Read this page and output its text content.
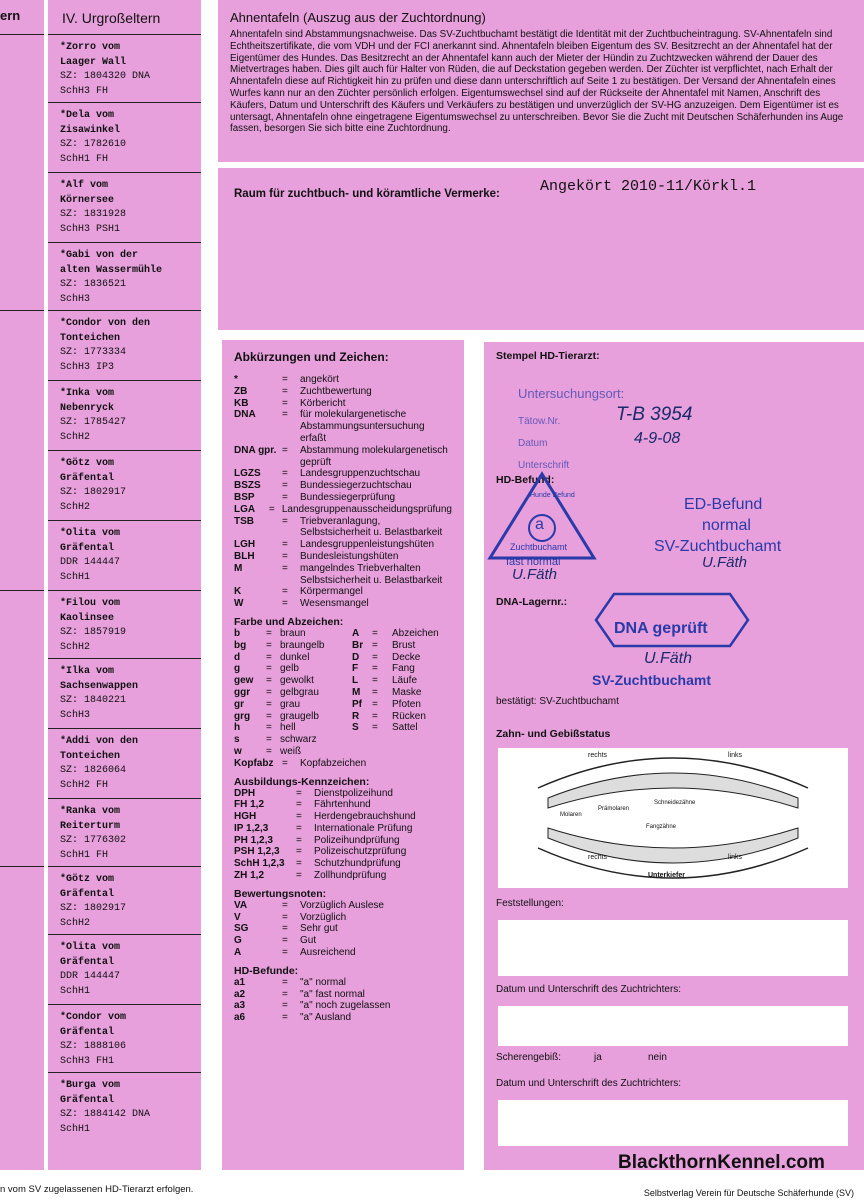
ern	IV. Urgroßeltern
*Zorro vom
Laager Wall
SZ: 1804320 DNA
SchH3 FH
*Dela vom
Zisawinkel
SZ: 1782610
SchH1 FH
*Alf vom
Körnersee
SZ: 1831928
SchH3 PSH1
*Gabi von der
alten Wassermühle
SZ: 1836521
SchH3
*Condor von den
Tonteichen
SZ: 1773334
SchH3 IP3
*Inka vom
Nebenryck
SZ: 1785427
SchH2
*Götz vom
Gräfental
SZ: 1802917
SchH2
*Olita vom
Gräfental
DDR 144447
SchH1
*Filou vom
Kaolinsee
SZ: 1857919
SchH2
*Ilka vom
Sachsenwappen
SZ: 1840221
SchH3
*Addi von den
Tonteichen
SZ: 1826064
SchH2 FH
*Ranka vom
Reiterturm
SZ: 1776302
SchH1 FH
*Götz vom
Gräfental
SZ: 1802917
SchH2
*Olita vom
Gräfental
DDR 144447
SchH1
*Condor vom
Gräfental
SZ: 1888106
SchH3 FH1
*Burga vom
Gräfental
SZ: 1884142 DNA
SchH1
Ahnentafeln (Auszug aus der Zuchtordnung)

Ahnentafeln sind Abstammungsnachweise. Das SV-Zuchtbuchamt bestätigt die Identität mit der Zuchtbucheintragung. SV-Ahnentafeln sind Echtheitszertifikate, die vom VDH und der FCI anerkannt sind. Ahnentafeln bleiben Eigentum des SV. Besitzrecht an der Ahnentafel hat der Eigentümer des Hundes. Das Besitzrecht an der Ahnentafel kann auch der Mieter der Hündin zu Zuchtzwecken während der Dauer des Mietvertrages haben. Dies gilt auch für Halter von Rüden, die auf Deckstation gegeben werden. Der Züchter ist verpflichtet, nach Erhalt der Ahnentafeln diese auf Richtigkeit hin zu prüfen und diese dann unterschriftlich auf Seite 1 zu bestätigen. Der Versand der Ahnentafeln eines Wurfes kann nur an den Züchter persönlich erfolgen. Eigentumswechsel sind auf der Rückseite der Ahnentafel mit Namen, Anschrift des Käufers, Datum und Unterschrift des Käufers und Verkäufers zu bestätigen und unverzüglich der SV-HG anzuzeigen. Dem Eigentümer ist es untersagt, Ahnentafeln ohne eingetragene Eigentumswechsel zu unterschreiben. Bevor Sie die Zucht mit Deutschen Schäferhunden ins Auge fassen, besorgen Sie sich bitte eine Zuchtordnung.

Raum für zuchtbuch- und köramtliche Vermerke:	Angekört 2010-11/Körkl.1
Abkürzungen und Zeichen:
*	=	angekört
ZB	=	Zuchtbewertung
KB	=	Körbericht
DNA	=	für molekulargenetische Abstammungsuntersuchung erfaßt
DNA gpr. =	Abstammung molekulargenetisch geprüft
LGZS	=	Landesgruppenzuchtschau
BSZS	=	Bundessiegerzuchtschau
BSP	=	Bundessiegerprüfung
LGA	= Landesgruppenausscheidungsprüfung
TSB	=	Triebveranlagung, Selbstsicherheit u. Belastbarkeit
LGH	=	Landesgruppenleistungshüten
BLH	=	Bundesleistungshüten
M	=	mangelndes Triebverhalten Selbstsicherheit u. Belastbarkeit
K	=	Körpermangel
W	=	Wesensmangel
Farbe und Abzeichen:
b	= braun	A	=	Abzeichen
bg	= braungelb	Br =	Brust
d	= dunkel	D	=	Decke
g	= gelb	F	=	Fang
gew	= gewolkt	L	=	Läufe
ggr	= gelbgrau	M	=	Maske
gr	= grau	Pf	=	Pfoten
grg	= graugelb	R	=	Rücken
h	= hell	S	=	Sattel
s	= schwarz
w	= weiß
Kopfabz =	Kopfabzeichen
Ausbildungs-Kennzeichen:
DPH	=	Dienstpolizeihund
FH 1,2	=	Fährtenhund
HGH	=	Herdengebrauchshund
IP 1,2,3	=	Internationale Prüfung
PH 1,2,3	=	Polizeihundprüfung
PSH 1,2,3	=	Polizeischutzprüfung
SchH 1,2,3	=	Schutzhundprüfung
ZH 1,2	=	Zollhundprüfung
Bewertungsnoten:
VA	=	Vorzüglich Auslese
V	=	Vorzüglich
SG	=	Sehr gut
G	=	Gut
A	=	Ausreichend
HD-Befunde:
a1	=	"a" normal
a2	=	"a" fast normal
a3	=	"a" noch zugelassen
a6	=	"a" Ausland
Stempel HD-Tierarzt:
Untersuchungsort:
Tätow.Nr.
Datum
Unterschrift
T-B 3954
4-9-08
HD-Befund:
a
Zuchtbuchamt
Hunde Befund
fast normal
U.Fäth
ED-Befund
normal
SV-Zuchtbuchamt
U.Fäth
DNA-Lagernr.:
DNA geprüft
U.Fäth
SV-Zuchtbuchamt
bestätigt: SV-Zuchtbuchamt
Zahn- und Gebißstatus
rechts	links
links
rechts
Unterkiefer
Molaren
Prämolaren
Fangzähne
Schneidezähne
Feststellungen:
Datum und Unterschrift des Zuchtrichters:
Scherengebiß:	ja	nein
Datum und Unterschrift des Zuchtrichters:
BlackthornKennel.com
n vom SV zugelassenen HD-Tierarzt erfolgen.	Selbstverlag Verein für Deutsche Schäferhunde (SV)
